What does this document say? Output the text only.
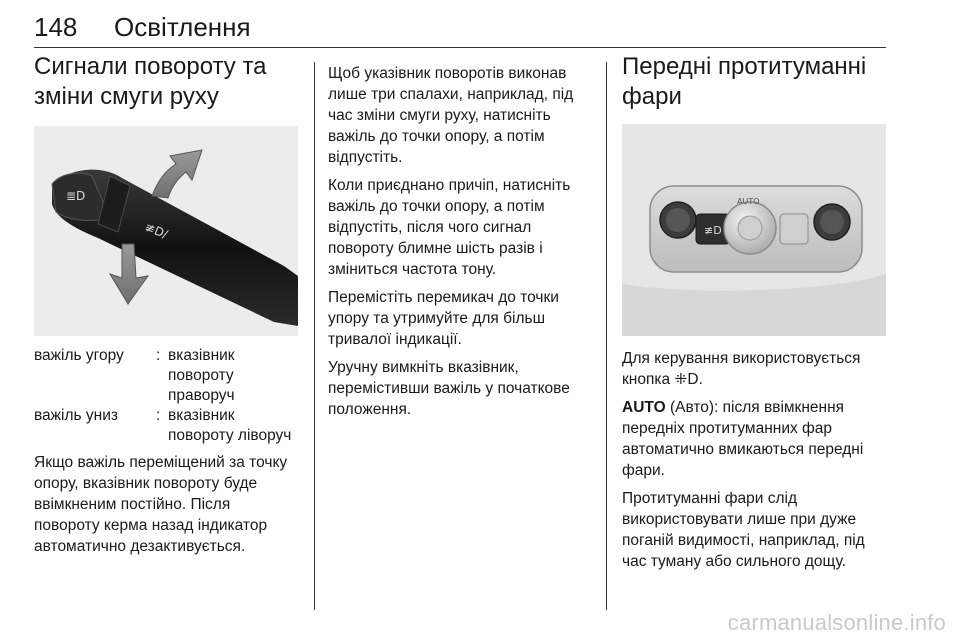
148 Освітлення
Сигнали повороту та зміни смуги руху
≣D
≢D/
важіль угору	: вказівник повороту праворуч
важіль униз	: вказівник повороту ліворуч

Якщо важіль переміщений за точку опору, вказівник повороту буде ввімкненим постійно. Після повороту керма назад індикатор автоматично дезактивується.

Щоб указівник поворотів виконав лише три спалахи, наприклад, під час зміни смуги руху, натисніть важіль до точки опору, а потім відпустіть.

Коли приєднано причіп, натисніть важіль до точки опору, а потім відпустіть, після чого сигнал повороту блимне шість разів і зміниться частота тону.

Перемістіть перемикач до точки упору та утримуйте для більш тривалої індикації.

Уручну вимкніть вказівник, перемістивши важіль у початкове положення.

Передні протитуманні фари
≢D
AUTO

Для керування використовується кнопка ⁜D.

AUTO (Авто): після ввімкнення передніх протитуманних фар автоматично вмикаються передні фари.

Протитуманні фари слід використовувати лише при дуже поганій видимості, наприклад, під час туману або сильного дощу.

carmanualsonline.info
